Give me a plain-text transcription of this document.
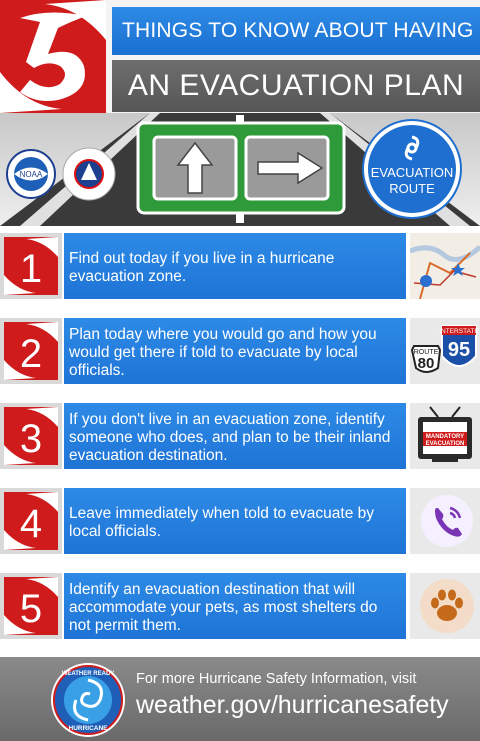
THINGS TO KNOW ABOUT HAVING
AN EVACUATION PLAN
NOAA	EVACUATION
ROUTE
1	Find out today if you live in a hurricane evacuation zone.
2	Plan today where you would go and how you would get there if told to evacuate by local officials.
ROUTE
80
INTERSTATE
95
3	If you don't live in an evacuation zone, identify someone who does, and plan to be their inland evacuation destination.
MANDATORY
EVACUATION
4	Leave immediately when told to evacuate by local officials.
5	Identify an evacuation destination that will accommodate your pets, as most shelters do not permit them.
WEATHER READY
HURRICANE
For more Hurricane Safety Information, visit
weather.gov/hurricanesafety
